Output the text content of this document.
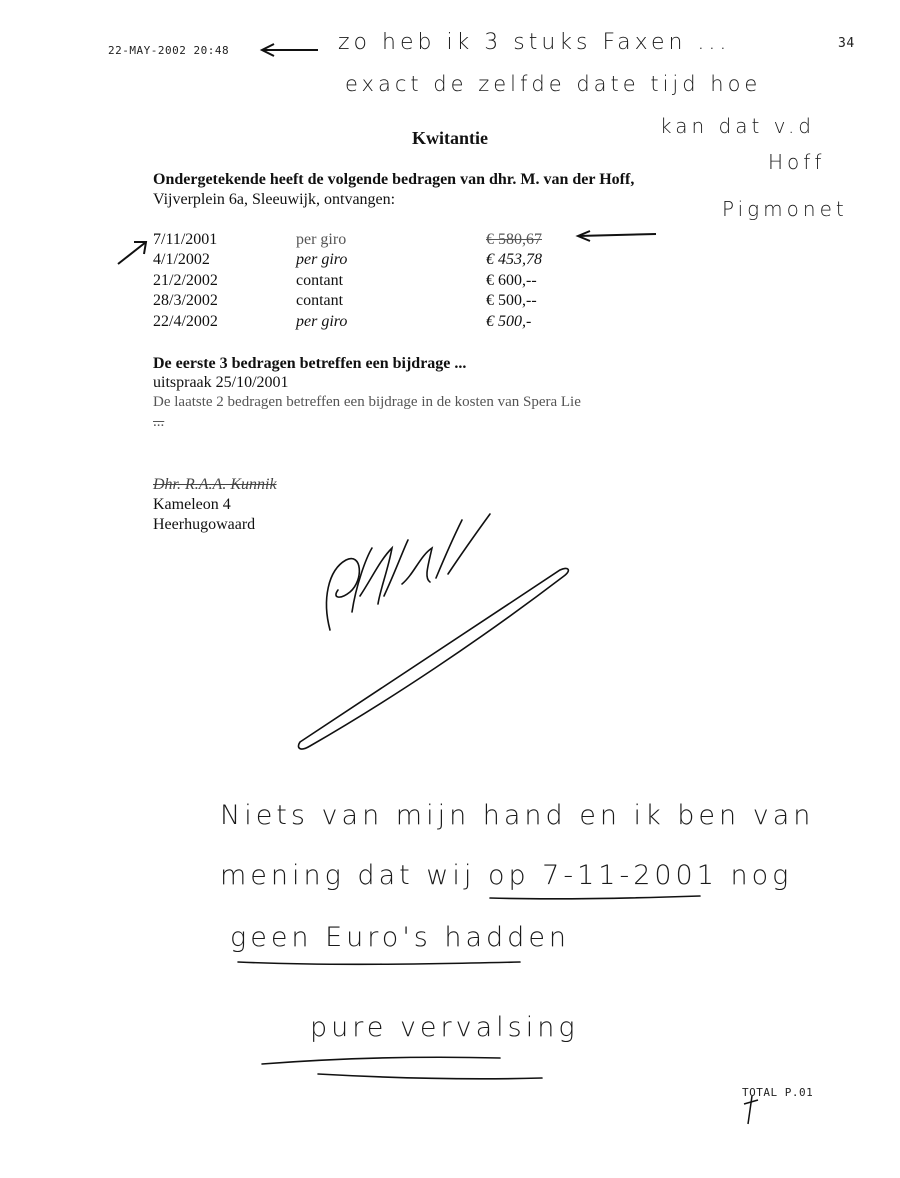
22-MAY-2002 20:48	34
zo heb ik 3 stuks Faxen ...
exact de zelfde date tijd hoe
kan dat v.d
Hoff
Pigmonet
Kwitantie
Ondergetekende heeft de volgende bedragen van dhr. M. van der Hoff,
Vijverplein 6a, Sleeuwijk, ontvangen:
7/11/2001	per giro	€ 580,67
4/1/2002	per giro	€ 453,78
21/2/2002	contant	€ 600,--
28/3/2002	contant	€ 500,--
22/4/2002	per giro	€ 500,-
De eerste 3 bedragen betreffen een bijdrage ...
uitspraak 25/10/2001
De laatste 2 bedragen betreffen een bijdrage in de kosten van Spera Lie
...
Dhr. R.A.A. Kunnik
Kameleon 4
Heerhugowaard
Niets van mijn hand en ik ben van
mening dat wij op 7-11-2001 nog
geen Euro's hadden
pure vervalsing
TOTAL P.01
